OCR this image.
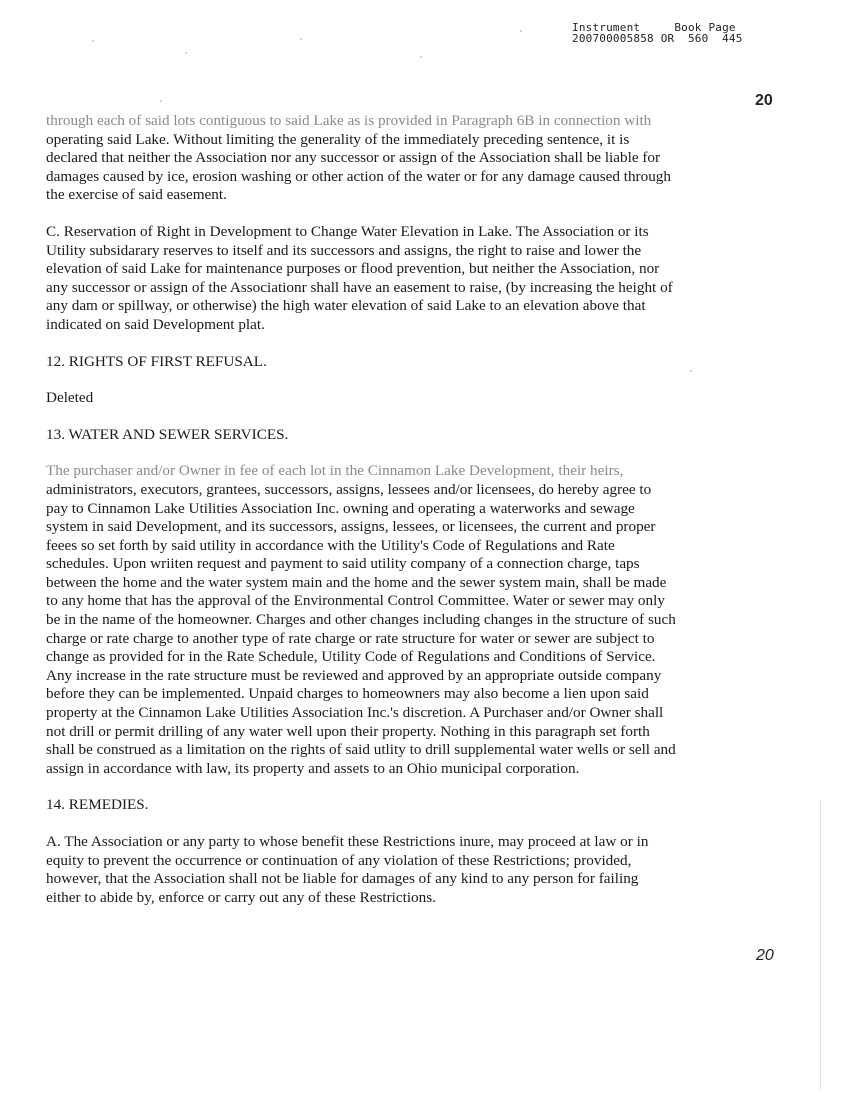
Instrument     Book Page
200700005858 OR  560  445
20

through each of said lots contiguous to said Lake as is provided in Paragraph 6B in connection with operating said Lake. Without limiting the generality of the immediately preceding sentence, it is declared that neither the Association nor any successor or assign of the Association shall be liable for damages caused by ice, erosion washing or other action of the water or for any damage caused through the exercise of said easement.

C. Reservation of Right in Development to Change Water Elevation in Lake. The Association or its Utility subsidarary reserves to itself and its successors and assigns, the right to raise and lower the elevation of said Lake for maintenance purposes or flood prevention, but neither the Association, nor any successor or assign of the Associationr shall have an easement to raise, (by increasing the height of any dam or spillway, or otherwise) the high water elevation of said Lake to an elevation above that indicated on said Development plat.

12. RIGHTS OF FIRST REFUSAL.

Deleted

13. WATER AND SEWER SERVICES.

The purchaser and/or Owner in fee of each lot in the Cinnamon Lake Development, their heirs, administrators, executors, grantees, successors, assigns, lessees and/or licensees, do hereby agree to pay to Cinnamon Lake Utilities Association Inc. owning and operating a waterworks and sewage system in said Development, and its successors, assigns, lessees, or licensees, the current and proper feees so set forth by said utility in accordance with the Utility's Code of Regulations and Rate schedules. Upon wriiten request and payment to said utility company of a connection charge, taps between the home and the water system main and the home and the sewer system main, shall be made to any home that has the approval of the Environmental Control Committee. Water or sewer may only be in the name of the homeowner. Charges and other changes including changes in the structure of such charge or rate charge to another type of rate charge or rate structure for water or sewer are subject to change as provided for in the Rate Schedule, Utility Code of Regulations and Conditions of Service. Any increase in the rate structure must be reviewed and approved by an appropriate outside company before they can be implemented. Unpaid charges to homeowners may also become a lien upon said property at the Cinnamon Lake Utilities Association Inc.'s discretion. A Purchaser and/or Owner shall not drill or permit drilling of any water well upon their property. Nothing in this paragraph set forth shall be construed as a limitation on the rights of said utlity to drill supplemental water wells or sell and assign in accordance with law, its property and assets to an Ohio municipal corporation.

14. REMEDIES.

A. The Association or any party to whose benefit these Restrictions inure, may proceed at law or in equity to prevent the occurrence or continuation of any violation of these Restrictions; provided, however, that the Association shall not be liable for damages of any kind to any person for failing either to abide by, enforce or carry out any of these Restrictions.

20
